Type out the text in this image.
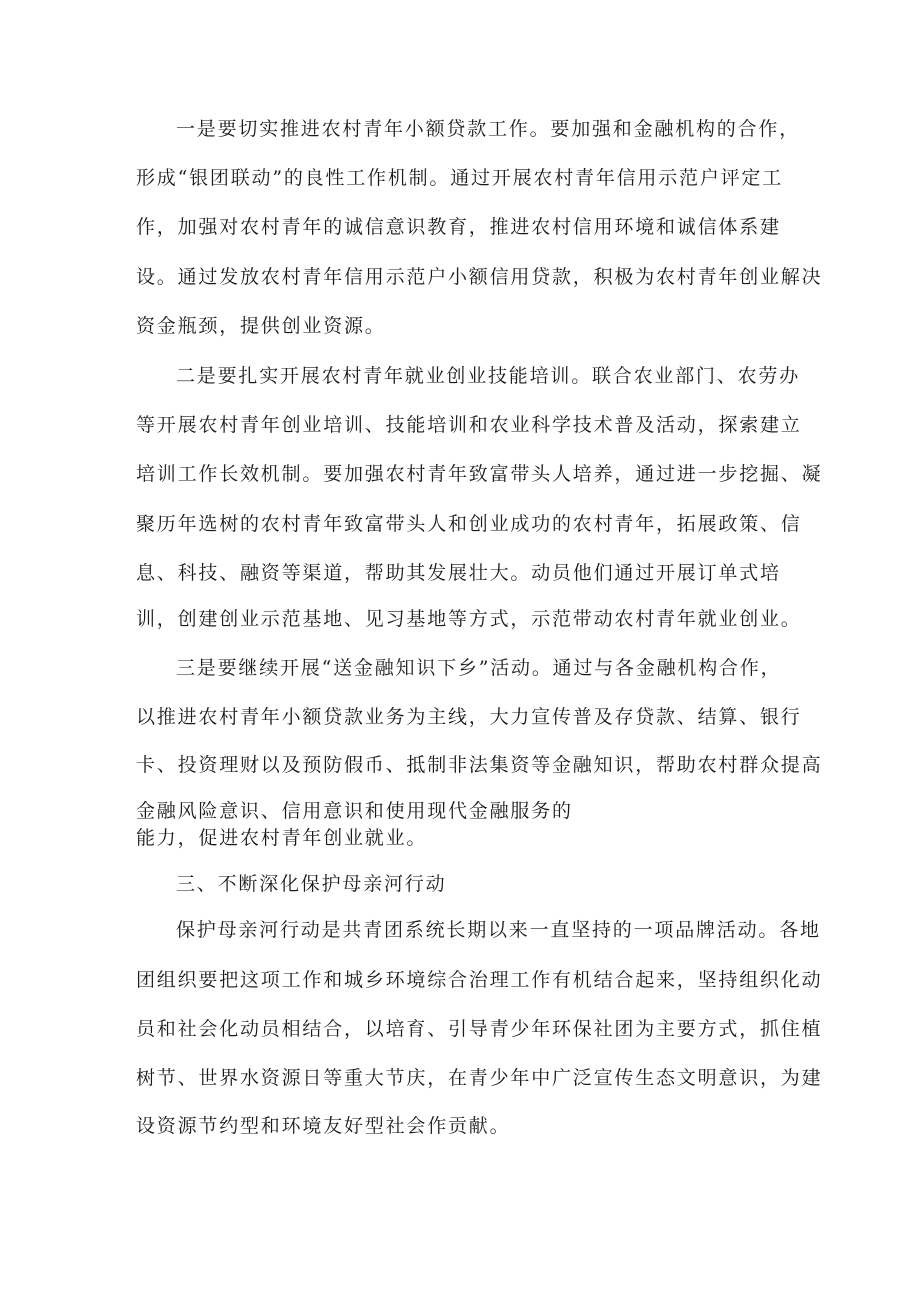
一是要切实推进农村青年小额贷款工作。要加强和金融机构的合作，
形成“银团联动”的良性工作机制。通过开展农村青年信用示范户评定工
作，加强对农村青年的诚信意识教育，推进农村信用环境和诚信体系建
设。通过发放农村青年信用示范户小额信用贷款，积极为农村青年创业解决
资金瓶颈，提供创业资源。
二是要扎实开展农村青年就业创业技能培训。联合农业部门、农劳办
等开展农村青年创业培训、技能培训和农业科学技术普及活动，探索建立
培训工作长效机制。要加强农村青年致富带头人培养，通过进一步挖掘、凝
聚历年选树的农村青年致富带头人和创业成功的农村青年，拓展政策、信
息、科技、融资等渠道，帮助其发展壮大。动员他们通过开展订单式培
训，创建创业示范基地、见习基地等方式，示范带动农村青年就业创业。
三是要继续开展“送金融知识下乡”活动。通过与各金融机构合作，
以推进农村青年小额贷款业务为主线，大力宣传普及存贷款、结算、银行
卡、投资理财以及预防假币、抵制非法集资等金融知识，帮助农村群众提高
金融风险意识、信用意识和使用现代金融服务的
能力，促进农村青年创业就业。
三、不断深化保护母亲河行动
保护母亲河行动是共青团系统长期以来一直坚持的一项品牌活动。各地
团组织要把这项工作和城乡环境综合治理工作有机结合起来，坚持组织化动
员和社会化动员相结合，以培育、引导青少年环保社团为主要方式，抓住植
树节、世界水资源日等重大节庆，在青少年中广泛宣传生态文明意识，为建
设资源节约型和环境友好型社会作贡献。
